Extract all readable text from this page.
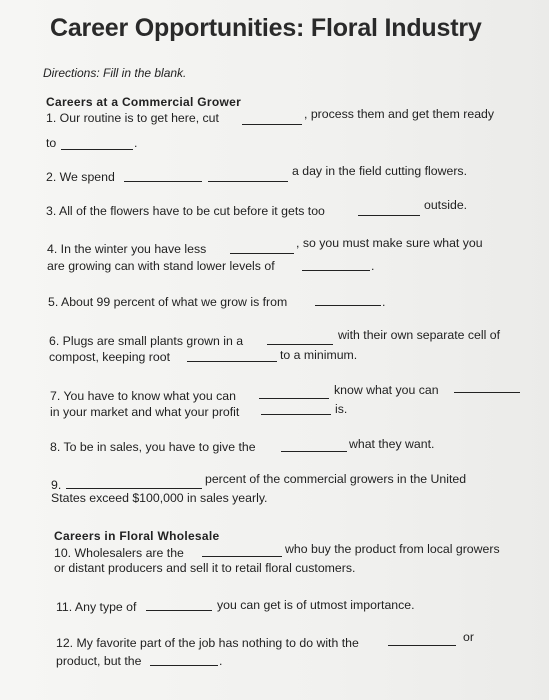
Career Opportunities: Floral Industry
Directions: Fill in the blank.
Careers at a Commercial Grower
1. Our routine is to get here, cut	, process them and get them ready
to	.
2. We spend	a day in the field cutting flowers.
3. All of the flowers have to be cut before it gets too	outside.
4. In the winter you have less	, so you must make sure what you
are growing can with stand lower levels of	.
5. About 99 percent of what we grow is from	.
6. Plugs are small plants grown in a	with their own separate cell of
compost, keeping root	to a minimum.
7. You have to know what you can	know what you can
in your market and what your profit	is.
8. To be in sales, you have to give the	what they want.
9.	percent of the commercial growers in the United
States exceed $100,000 in sales yearly.
Careers in Floral Wholesale
10. Wholesalers are the	who buy the product from local growers
or distant producers and sell it to retail floral customers.
11. Any type of	you can get is of utmost importance.
12. My favorite part of the job has nothing to do with the	or
product, but the	.
